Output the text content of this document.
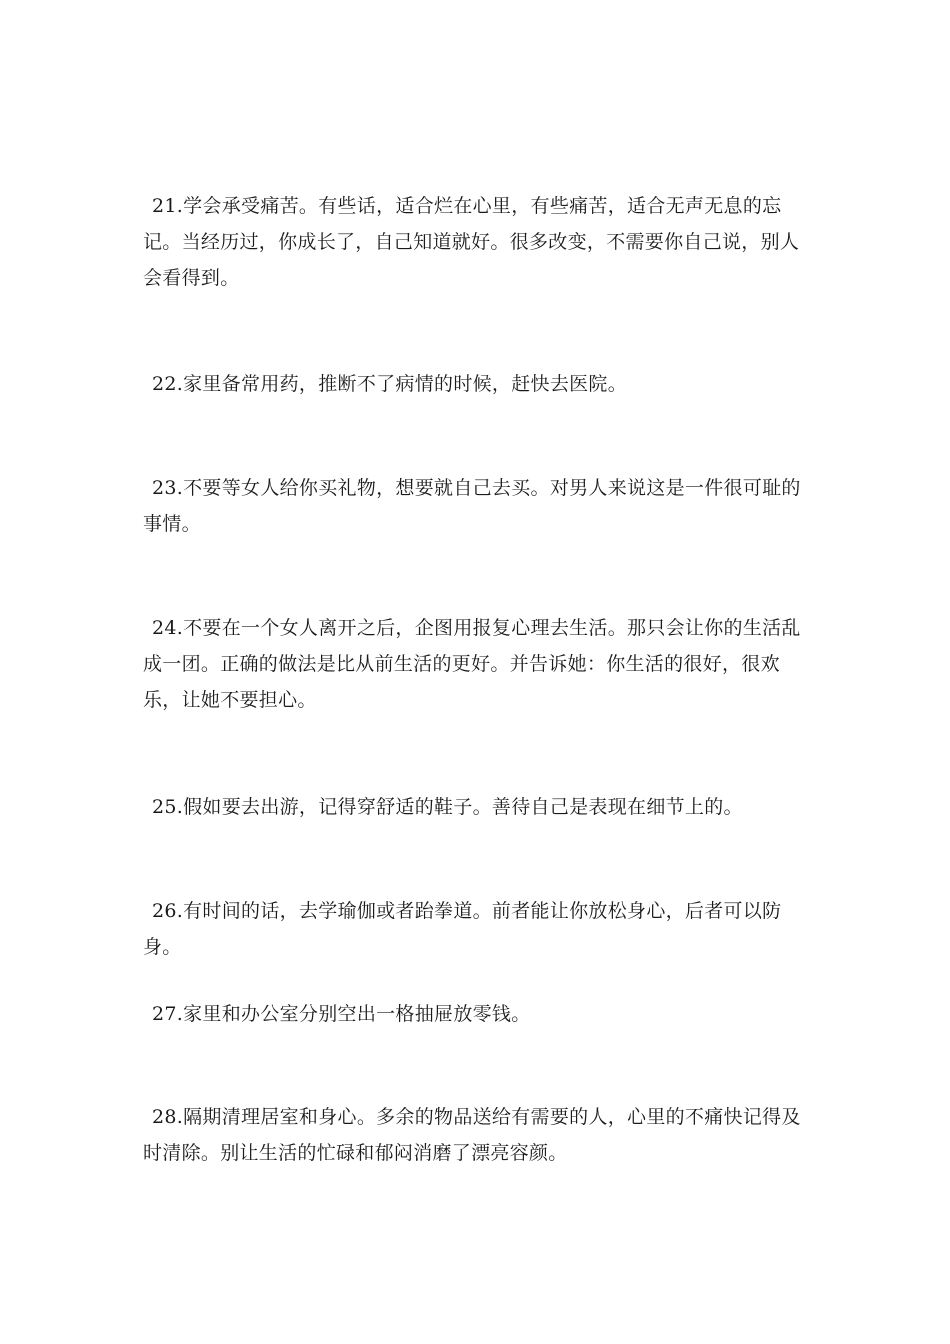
21.学会承受痛苦。有些话，适合烂在心里，有些痛苦，适合无声无息的忘记。当经历过，你成长了，自己知道就好。很多改变，不需要你自己说，别人会看得到。

22.家里备常用药，推断不了病情的时候，赶快去医院。

23.不要等女人给你买礼物，想要就自己去买。对男人来说这是一件很可耻的事情。

24.不要在一个女人离开之后，企图用报复心理去生活。那只会让你的生活乱成一团。正确的做法是比从前生活的更好。并告诉她：你生活的很好，很欢乐，让她不要担心。

25.假如要去出游，记得穿舒适的鞋子。善待自己是表现在细节上的。

26.有时间的话，去学瑜伽或者跆拳道。前者能让你放松身心，后者可以防身。

27.家里和办公室分别空出一格抽屉放零钱。

28.隔期清理居室和身心。多余的物品送给有需要的人，心里的不痛快记得及时清除。别让生活的忙碌和郁闷消磨了漂亮容颜。
